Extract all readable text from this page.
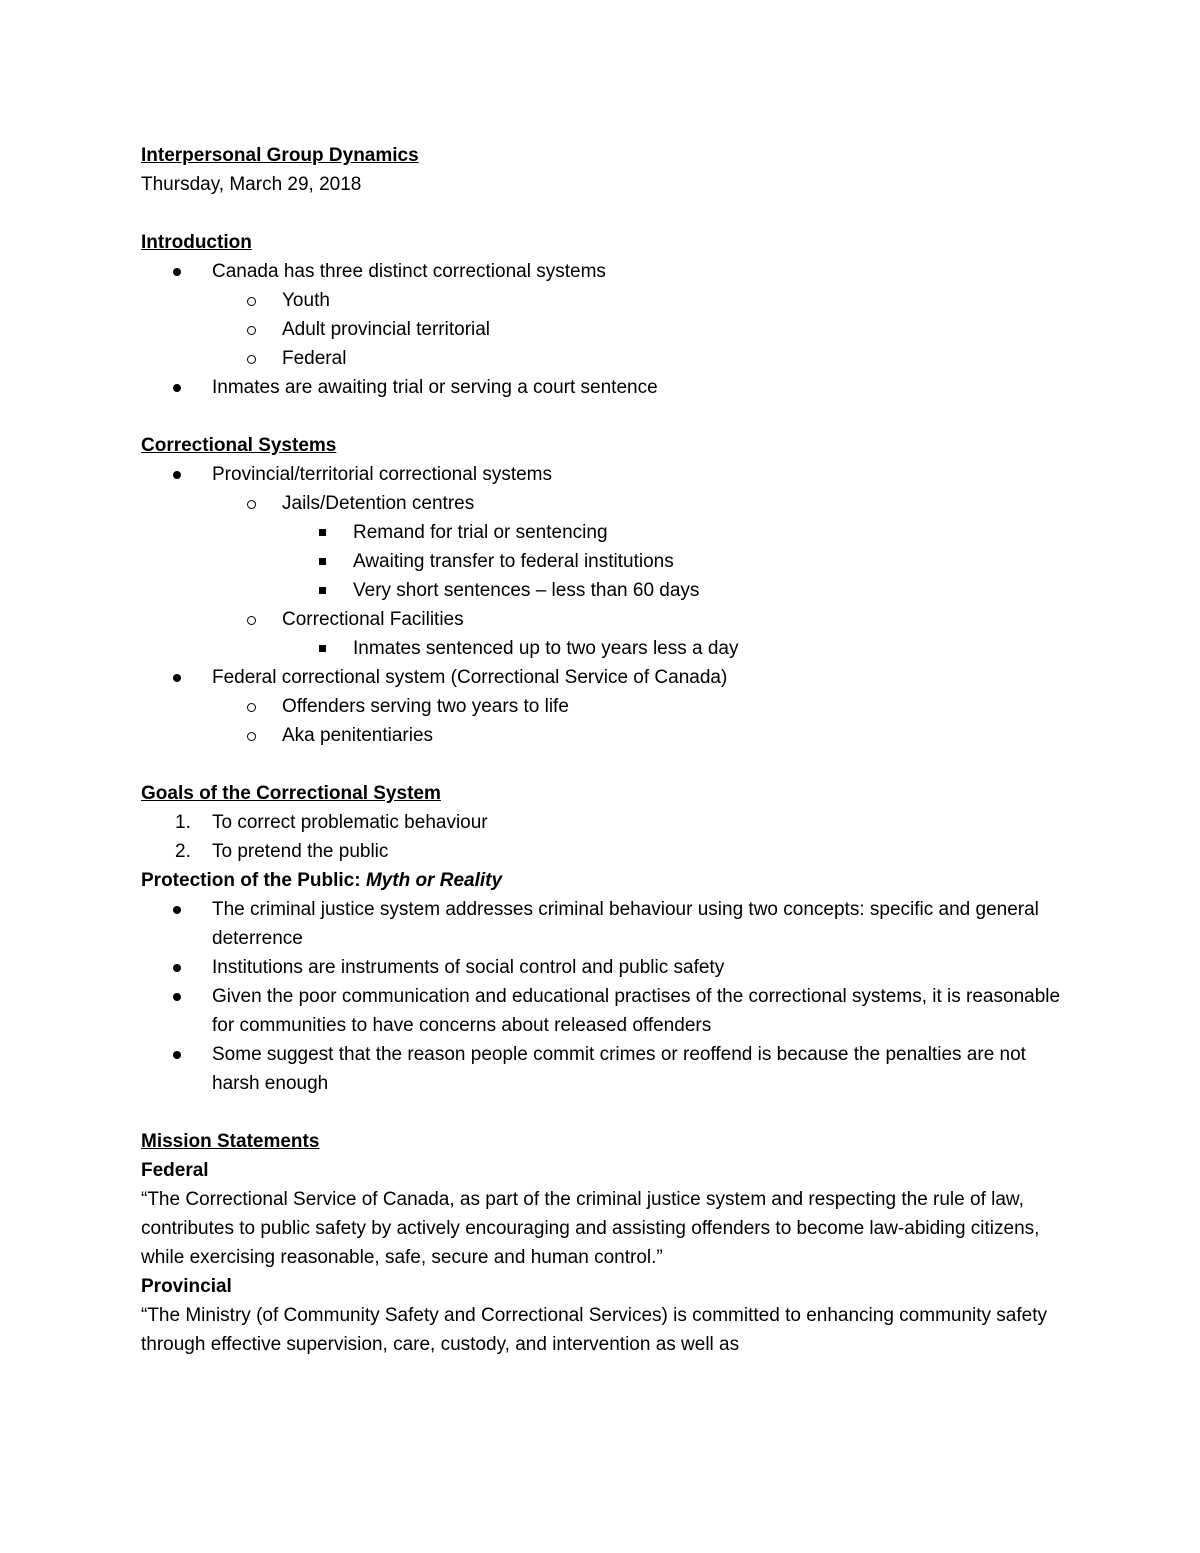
Interpersonal Group Dynamics
Thursday, March 29, 2018
Introduction
Canada has three distinct correctional systems
Youth
Adult provincial territorial
Federal
Inmates are awaiting trial or serving a court sentence
Correctional Systems
Provincial/territorial correctional systems
Jails/Detention centres
Remand for trial or sentencing
Awaiting transfer to federal institutions
Very short sentences – less than 60 days
Correctional Facilities
Inmates sentenced up to two years less a day
Federal correctional system (Correctional Service of Canada)
Offenders serving two years to life
Aka penitentiaries
Goals of the Correctional System
1. To correct problematic behaviour
2. To pretend the public
Protection of the Public: Myth or Reality
The criminal justice system addresses criminal behaviour using two concepts: specific and general deterrence
Institutions are instruments of social control and public safety
Given the poor communication and educational practises of the correctional systems, it is reasonable for communities to have concerns about released offenders
Some suggest that the reason people commit crimes or reoffend is because the penalties are not harsh enough
Mission Statements
Federal
“The Correctional Service of Canada, as part of the criminal justice system and respecting the rule of law, contributes to public safety by actively encouraging and assisting offenders to become law-abiding citizens, while exercising reasonable, safe, secure and human control.”
Provincial
“The Ministry (of Community Safety and Correctional Services) is committed to enhancing community safety through effective supervision, care, custody, and intervention as well as
